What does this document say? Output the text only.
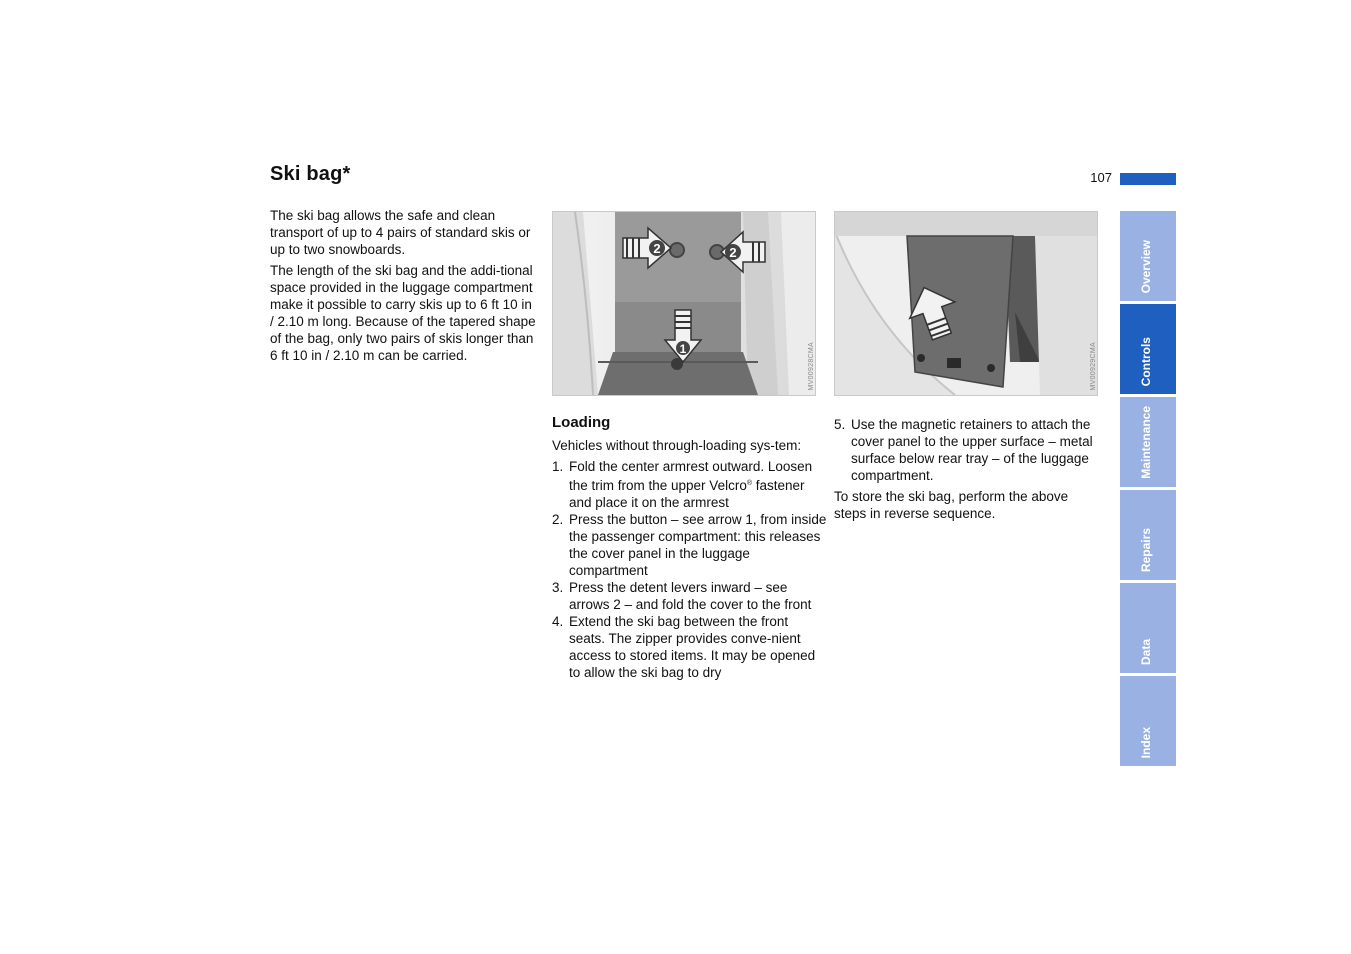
Ski bag*	107

The ski bag allows the safe and clean transport of up to 4 pairs of standard skis or up to two snowboards.

The length of the ski bag and the addi-tional space provided in the luggage compartment make it possible to carry skis up to 6 ft 10 in / 2.10 m long. Because of the tapered shape of the bag, only two pairs of skis longer than 6 ft 10 in / 2.10 m can be carried.

2	2
1	MV00928CMA	MV00929CMA
Loading

Vehicles without through-loading sys-tem:

1. Fold the center armrest outward. Loosen the trim from the upper Velcro® fastener and place it on the armrest
2. Press the button – see arrow 1, from inside the passenger compartment: this releases the cover panel in the luggage compartment
3. Press the detent levers inward – see arrows 2 – and fold the cover to the front
4. Extend the ski bag between the front seats. The zipper provides conve-nient access to stored items. It may be opened to allow the ski bag to dry
5. Use the magnetic retainers to attach the cover panel to the upper surface – metal surface below rear tray – of the luggage compartment.

To store the ski bag, perform the above steps in reverse sequence.

Overview
Controls
Maintenance
Repairs
Data
Index
